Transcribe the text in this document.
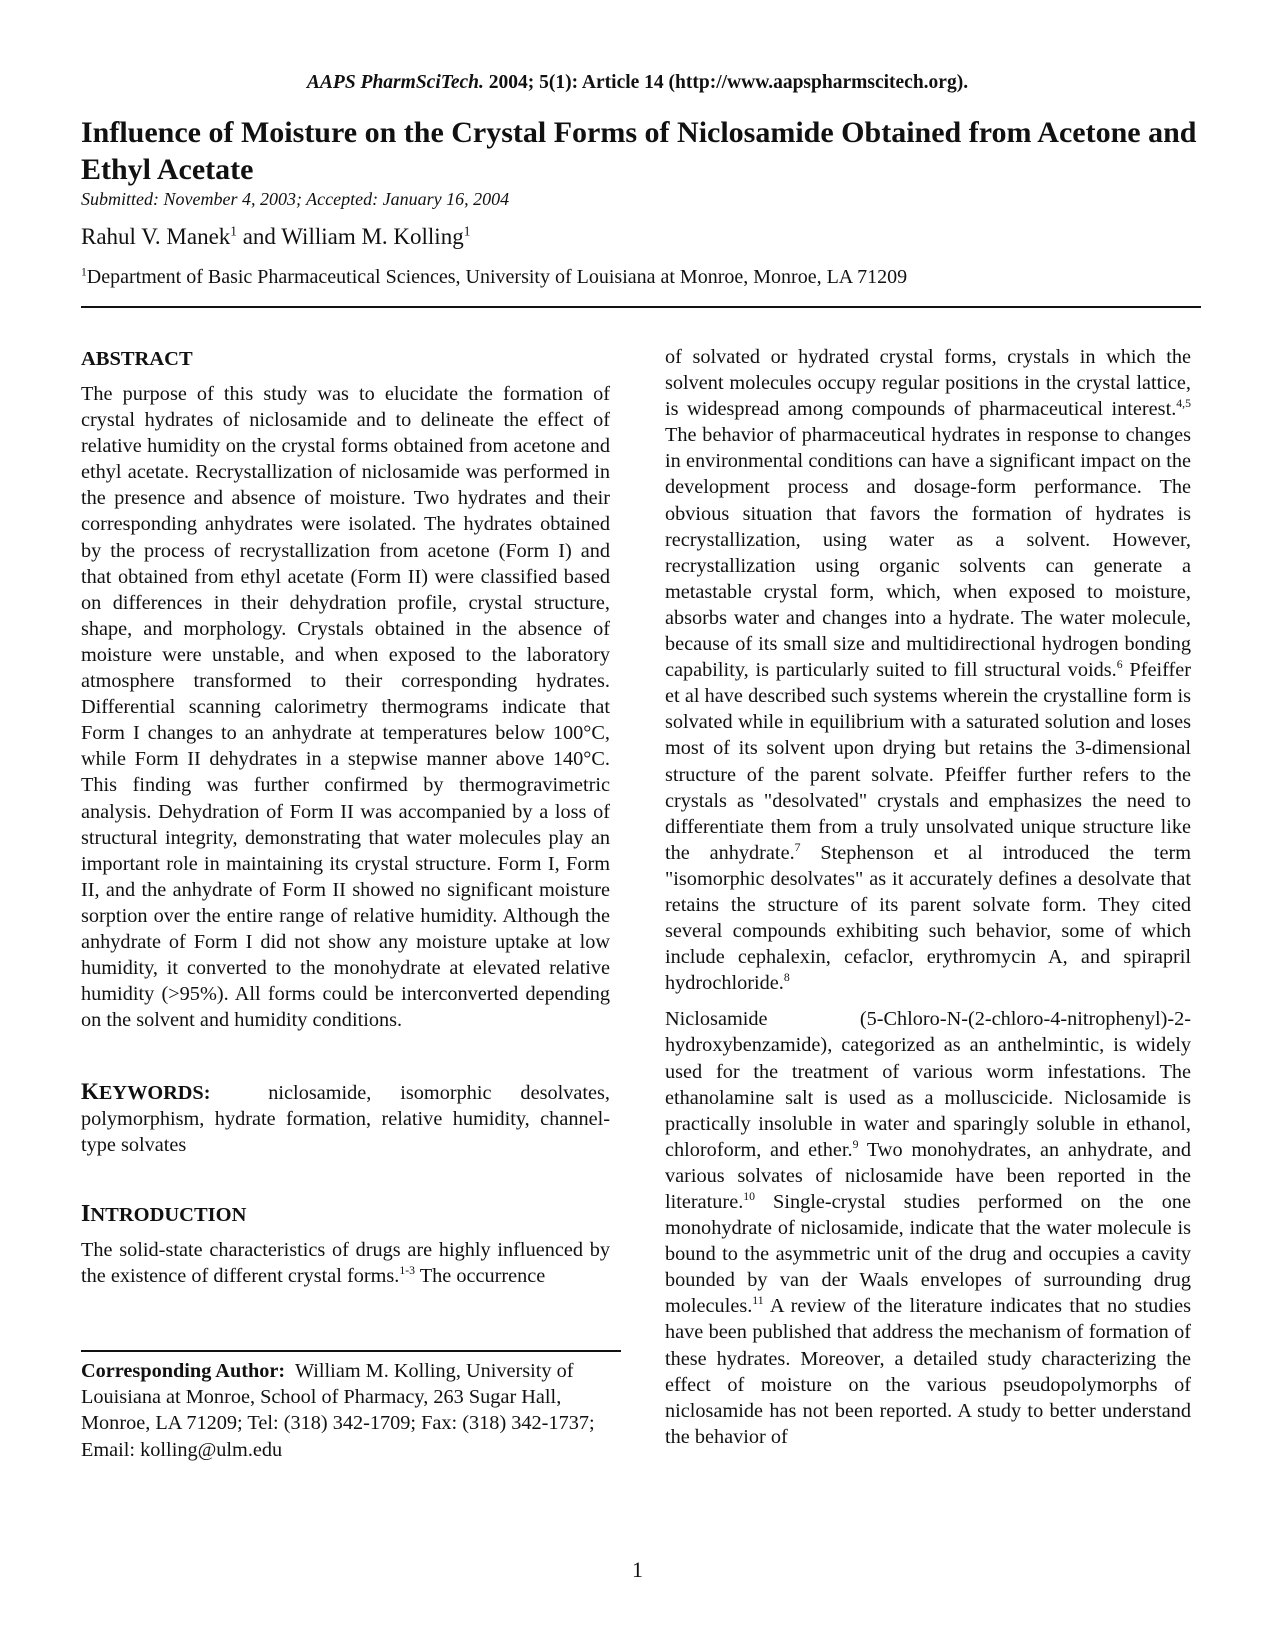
AAPS PharmSciTech. 2004; 5(1): Article 14 (http://www.aapspharmscitech.org).
Influence of Moisture on the Crystal Forms of Niclosamide Obtained from Acetone and Ethyl Acetate
Submitted: November 4, 2003; Accepted: January 16, 2004
Rahul V. Manek$^1$ and William M. Kolling$^1$
$^1$Department of Basic Pharmaceutical Sciences, University of Louisiana at Monroe, Monroe, LA 71209
ABSTRACT
The purpose of this study was to elucidate the formation of crystal hydrates of niclosamide and to delineate the effect of relative humidity on the crystal forms obtained from acetone and ethyl acetate. Recrystallization of niclosamide was performed in the presence and absence of moisture. Two hydrates and their corresponding anhydrates were isolated. The hydrates obtained by the process of recrystallization from acetone (Form I) and that obtained from ethyl acetate (Form II) were classified based on differences in their dehydration profile, crystal structure, shape, and morphology. Crystals obtained in the absence of moisture were unstable, and when exposed to the laboratory atmosphere transformed to their corresponding hydrates. Differential scanning calorimetry thermograms indicate that Form I changes to an anhydrate at temperatures below 100°C, while Form II dehydrates in a stepwise manner above 140°C. This finding was further confirmed by thermogravimetric analysis. Dehydration of Form II was accompanied by a loss of structural integrity, demonstrating that water molecules play an important role in maintaining its crystal structure. Form I, Form II, and the anhydrate of Form II showed no significant moisture sorption over the entire range of relative humidity. Although the anhydrate of Form I did not show any moisture uptake at low humidity, it converted to the monohydrate at elevated relative humidity (>95%). All forms could be interconverted depending on the solvent and humidity conditions.
KEYWORDS:	niclosamide, isomorphic desolvates, polymorphism, hydrate formation, relative humidity, channel-type solvates
INTRODUCTION
The solid-state characteristics of drugs are highly influenced by the existence of different crystal forms.$^{1-3}$ The occurrence
Corresponding Author: William M. Kolling, University of Louisiana at Monroe, School of Pharmacy, 263 Sugar Hall, Monroe, LA 71209; Tel: (318) 342-1709; Fax: (318) 342-1737; Email: kolling@ulm.edu

of solvated or hydrated crystal forms, crystals in which the solvent molecules occupy regular positions in the crystal lattice, is widespread among compounds of pharmaceutical interest.$^{4,5}$ The behavior of pharmaceutical hydrates in response to changes in environmental conditions can have a significant impact on the development process and dosage-form performance. The obvious situation that favors the formation of hydrates is recrystallization, using water as a solvent. However, recrystallization using organic solvents can generate a metastable crystal form, which, when exposed to moisture, absorbs water and changes into a hydrate. The water molecule, because of its small size and multidirectional hydrogen bonding capability, is particularly suited to fill structural voids.$^6$ Pfeiffer et al have described such systems wherein the crystalline form is solvated while in equilibrium with a saturated solution and loses most of its solvent upon drying but retains the 3-dimensional structure of the parent solvate. Pfeiffer further refers to the crystals as "desolvated" crystals and emphasizes the need to differentiate them from a truly unsolvated unique structure like the anhydrate.$^7$ Stephenson et al introduced the term "isomorphic desolvates" as it accurately defines a desolvate that retains the structure of its parent solvate form. They cited several compounds exhibiting such behavior, some of which include cephalexin, cefaclor, erythromycin A, and spirapril hydrochloride.$^8$

Niclosamide (5-Chloro-N-(2-chloro-4-nitrophenyl)-2-hydroxybenzamide), categorized as an anthelmintic, is widely used for the treatment of various worm infestations. The ethanolamine salt is used as a molluscicide. Niclosamide is practically insoluble in water and sparingly soluble in ethanol, chloroform, and ether.$^9$ Two monohydrates, an anhydrate, and various solvates of niclosamide have been reported in the literature.$^{10}$ Single-crystal studies performed on the one monohydrate of niclosamide, indicate that the water molecule is bound to the asymmetric unit of the drug and occupies a cavity bounded by van der Waals envelopes of surrounding drug molecules.$^{11}$ A review of the literature indicates that no studies have been published that address the mechanism of formation of these hydrates. Moreover, a detailed study characterizing the effect of moisture on the various pseudopolymorphs of niclosamide has not been reported. A study to better understand the behavior of

1
